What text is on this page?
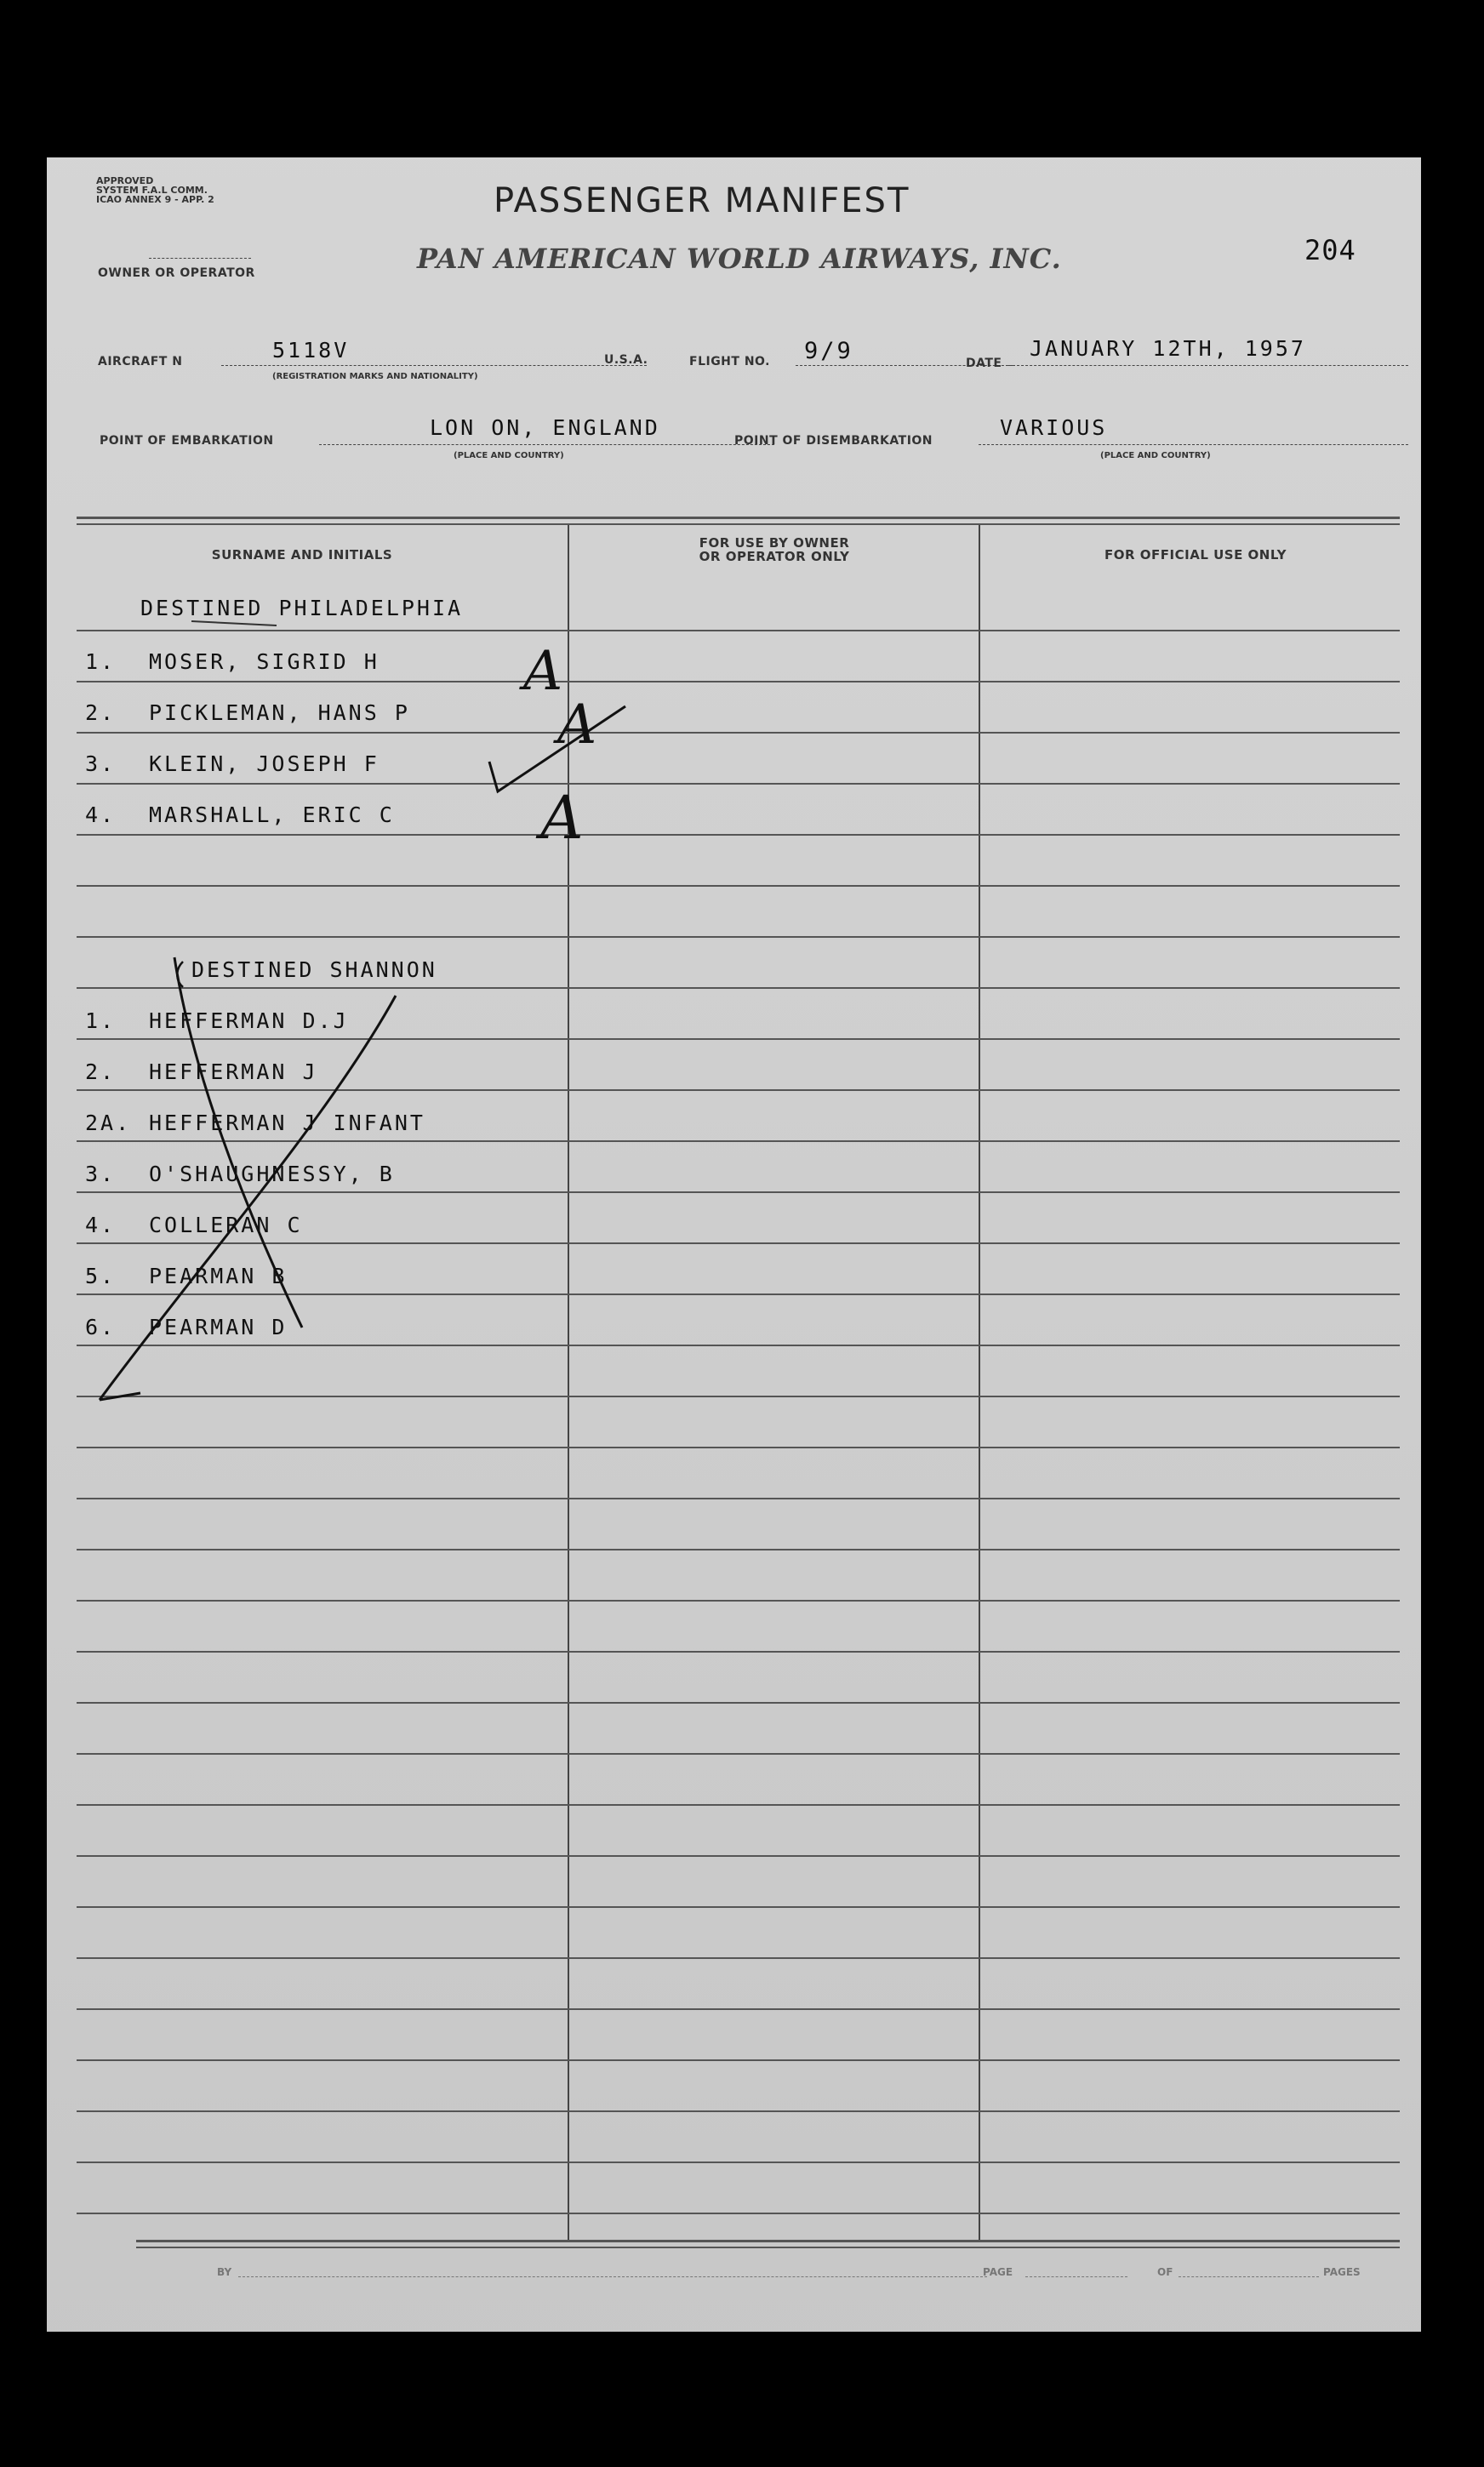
APPROVED
SYSTEM F.A.L COMM.
ICAO ANNEX 9 - APP. 2
OWNER OR OPERATOR
PASSENGER MANIFEST
PAN AMERICAN WORLD AIRWAYS, INC.	204
AIRCRAFT N	5118V
(REGISTRATION MARKS AND NATIONALITY)
U.S.A.	FLIGHT NO. 9/9	DATE
JANUARY 12TH, 1957
POINT OF EMBARKATION
LON ON, ENGLAND
(PLACE AND COUNTRY)
POINT OF DISEMBARKATION
VARIOUS
(PLACE AND COUNTRY)
SURNAME AND INITIALS
FOR USE BY OWNER
OR OPERATOR ONLY	FOR OFFICIAL USE ONLY
DESTINED PHILADELPHIA
1. MOSER, SIGRID H
2. PICKLEMAN, HANS P
3. KLEIN, JOSEPH F
4. MARSHALL, ERIC C
DESTINED SHANNON
1. HEFFERMAN D.J
2. HEFFERMAN J
2A. HEFFERMAN J INFANT
3. O'SHAUGHNESSY, B
4. COLLERAN C
5. PEARMAN B
6. PEARMAN D
A
A
A
BY	PAGE	OF	PAGES
